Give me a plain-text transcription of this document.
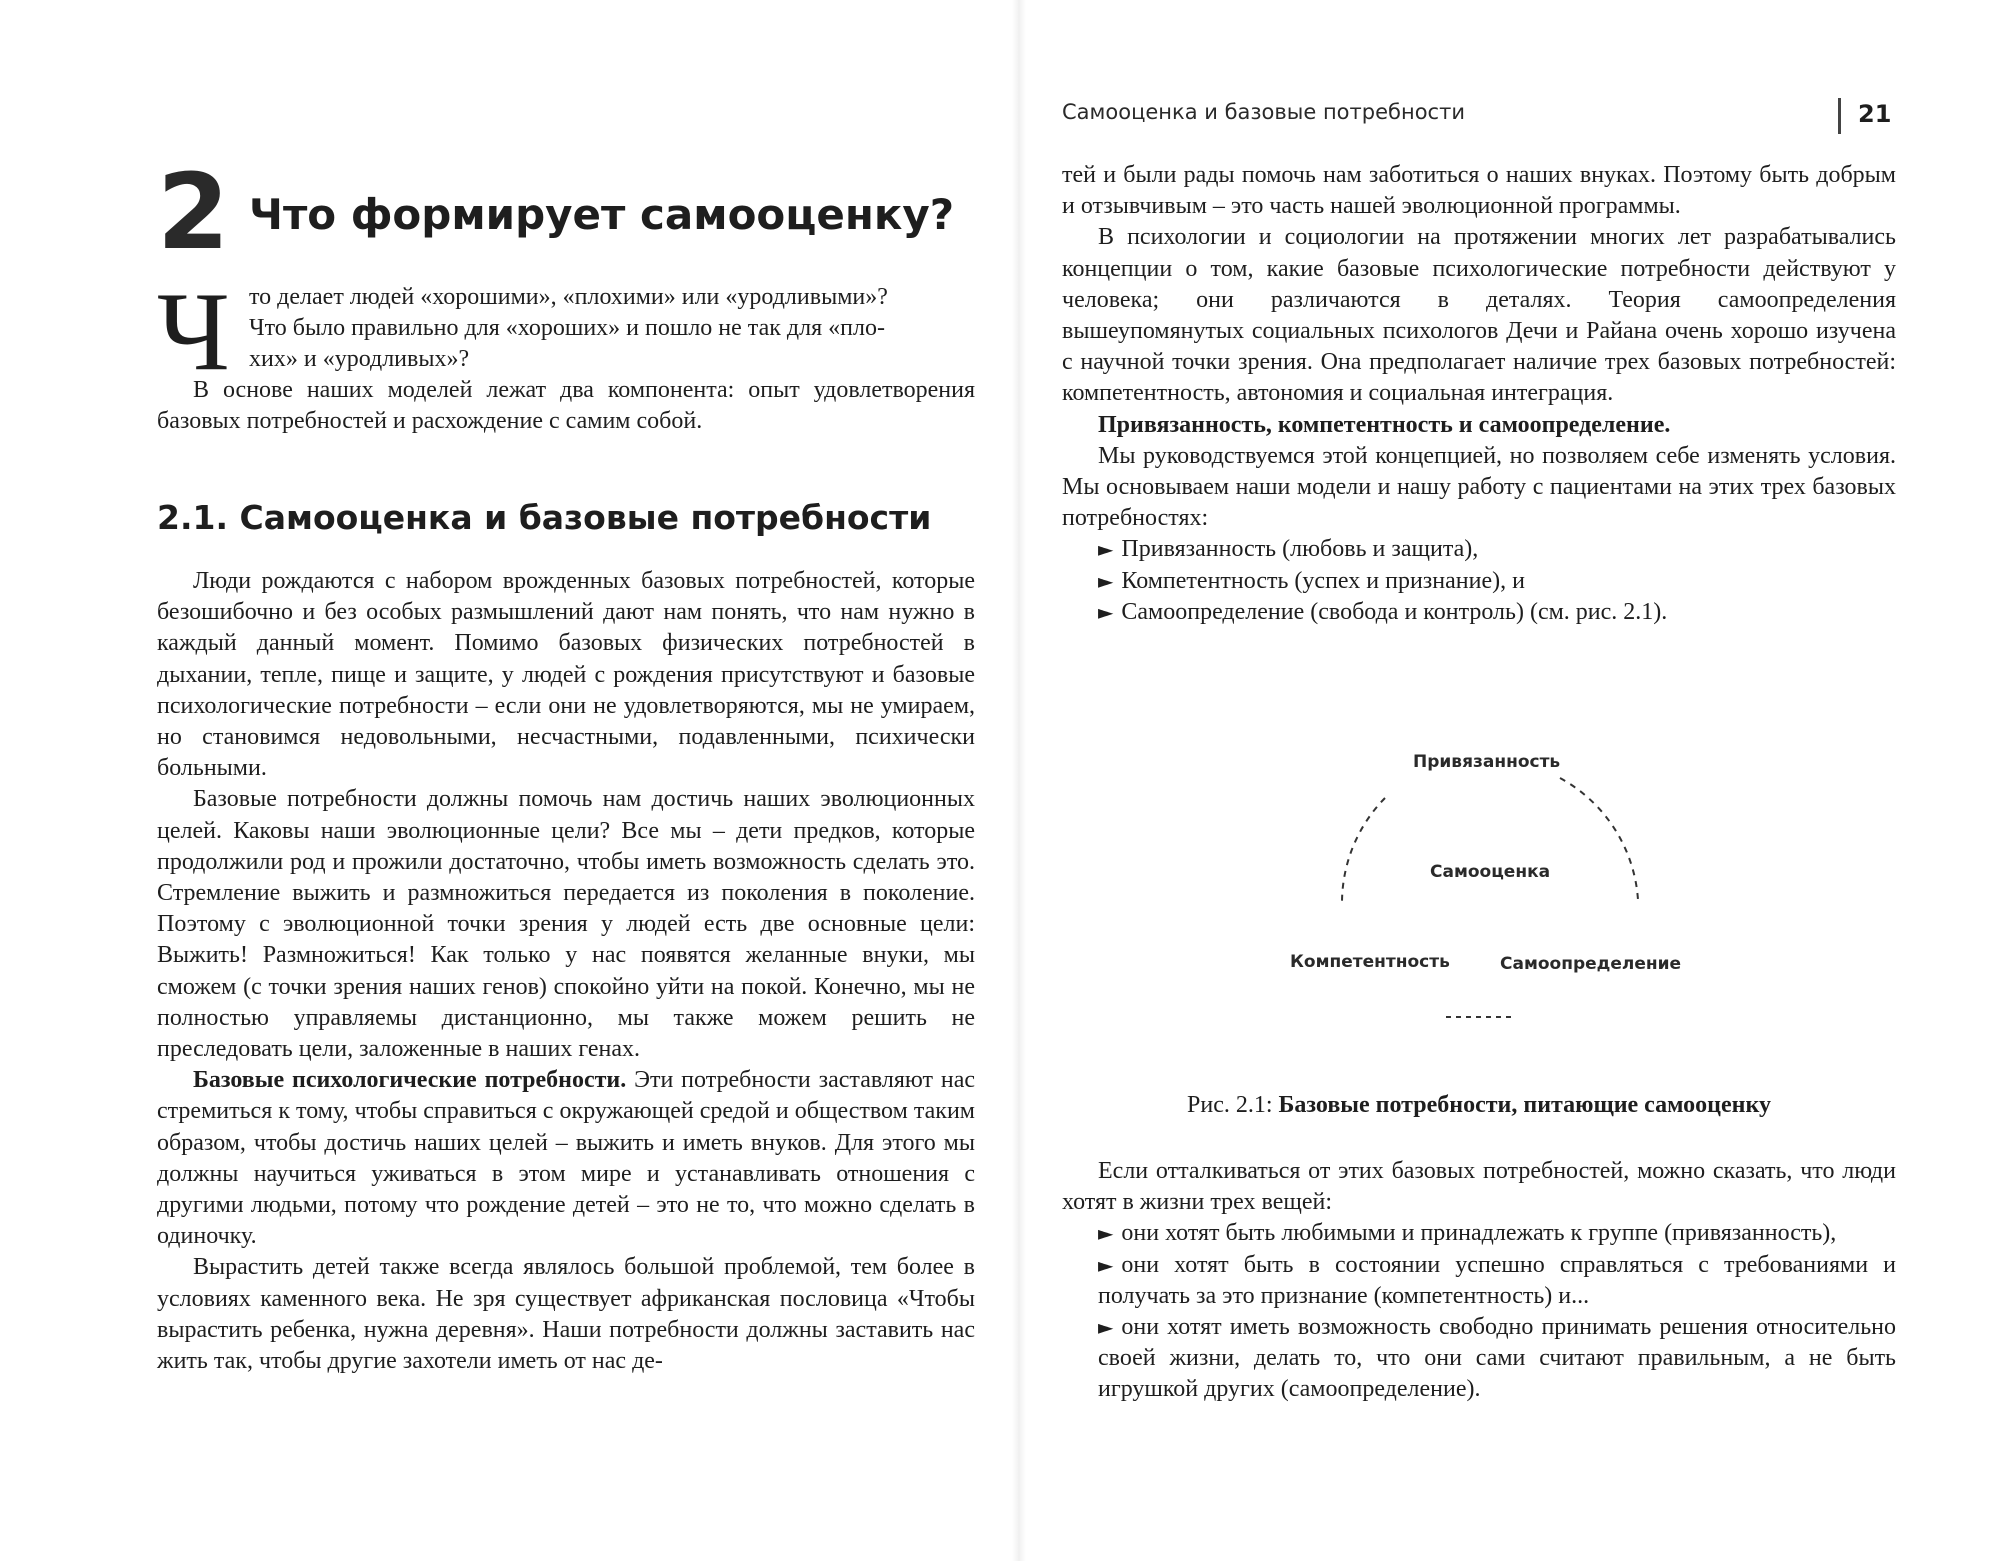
2 Что формирует самооценку?
Ч то делает людей «хорошими», «плохими» или «уродливыми»?
Что было правильно для «хороших» и пошло не так для «пло-
хих» и «уродливых»?

В основе наших моделей лежат два компонента: опыт удовлетворения базовых потребностей и расхождение с самим собой.

2.1. Самооценка и базовые потребности

Люди рождаются с набором врожденных базовых потребностей, которые безошибочно и без особых размышлений дают нам понять, что нам нужно в каждый данный момент. Помимо базовых физических потребностей в дыхании, тепле, пище и защите, у людей с рождения присутствуют и базовые психологические потребности – если они не удовлетворяются, мы не умираем, но становимся недовольными, несчастными, подавленными, психически больными.

Базовые потребности должны помочь нам достичь наших эволюционных целей. Каковы наши эволюционные цели? Все мы – дети предков, которые продолжили род и прожили достаточно, чтобы иметь возможность сделать это. Стремление выжить и размножиться передается из поколения в поколение. Поэтому с эволюционной точки зрения у людей есть две основные цели: Выжить! Размножиться! Как только у нас появятся желанные внуки, мы сможем (с точки зрения наших генов) спокойно уйти на покой. Конечно, мы не полностью управляемы дистанционно, мы также можем решить не преследовать цели, заложенные в наших генах.

Базовые психологические потребности. Эти потребности заставляют нас стремиться к тому, чтобы справиться с окружающей средой и обществом таким образом, чтобы достичь наших целей – выжить и иметь внуков. Для этого мы должны научиться уживаться в этом мире и устанавливать отношения с другими людьми, потому что рождение детей – это не то, что можно сделать в одиночку.

Вырастить детей также всегда являлось большой проблемой, тем более в условиях каменного века. Не зря существует африканская пословица «Чтобы вырастить ребенка, нужна деревня». Наши потребности должны заставить нас жить так, чтобы другие захотели иметь от нас де-

Самооценка и базовые потребности	21

тей и были рады помочь нам заботиться о наших внуках. Поэтому быть добрым и отзывчивым – это часть нашей эволюционной программы.

В психологии и социологии на протяжении многих лет разрабатывались концепции о том, какие базовые психологические потребности действуют у человека; они различаются в деталях. Теория самоопределения вышеупомянутых социальных психологов Дечи и Райана очень хорошо изучена с научной точки зрения. Она предполагает наличие трех базовых потребностей: компетентность, автономия и социальная интеграция.

Привязанность, компетентность и самоопределение.

Мы руководствуемся этой концепцией, но позволяем себе изменять условия. Мы основываем наши модели и нашу работу с пациентами на этих трех базовых потребностях:

► Привязанность (любовь и защита),
► Компетентность (успех и признание), и
► Самоопределение (свобода и контроль) (см. рис. 2.1).
Привязанность
Самооценка
Компетентность	Самоопределение
Рис. 2.1: Базовые потребности, питающие самооценку

Если отталкиваться от этих базовых потребностей, можно сказать, что люди хотят в жизни трех вещей:

► они хотят быть любимыми и принадлежать к группе (привязанность),
► они хотят быть в состоянии успешно справляться с требованиями и получать за это признание (компетентность) и...
► они хотят иметь возможность свободно принимать решения относительно своей жизни, делать то, что они сами считают правильным, а не быть игрушкой других (самоопределение).
